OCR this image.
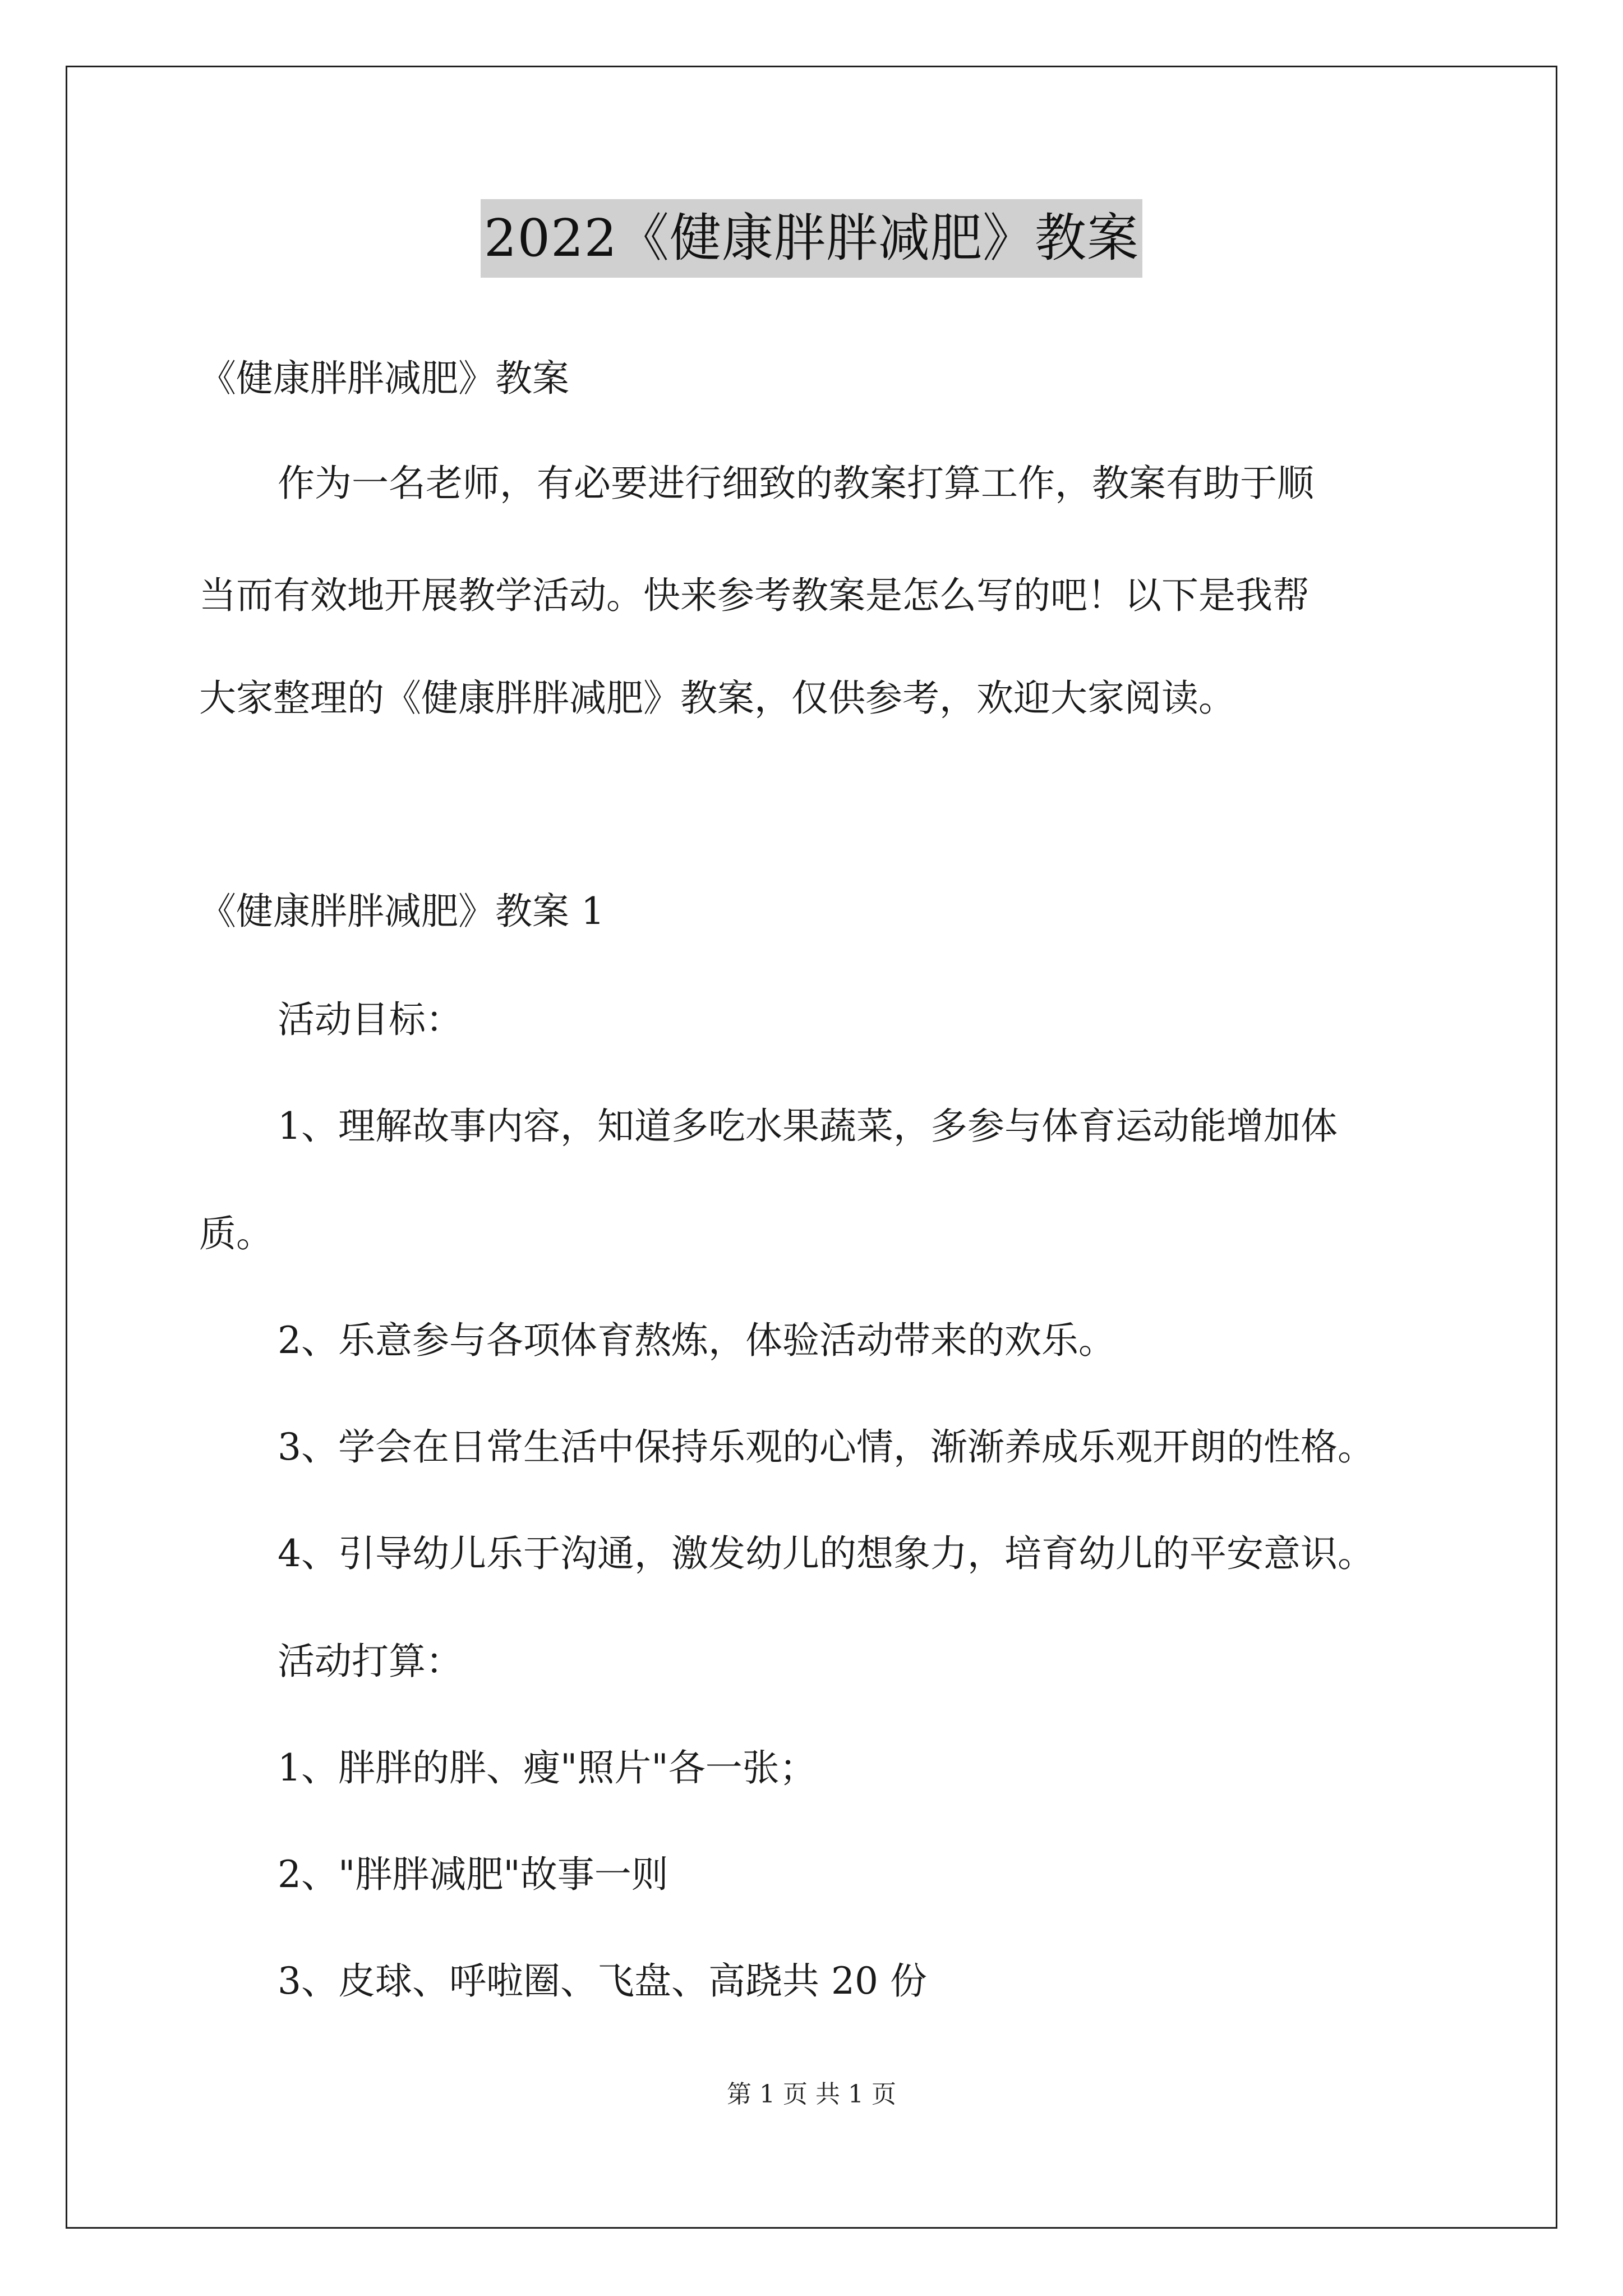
2022《健康胖胖减肥》教案
《健康胖胖减肥》教案
作为一名老师，有必要进行细致的教案打算工作，教案有助于顺
当而有效地开展教学活动。快来参考教案是怎么写的吧！以下是我帮
大家整理的《健康胖胖减肥》教案，仅供参考，欢迎大家阅读。
《健康胖胖减肥》教案 1
活动目标：
1、理解故事内容，知道多吃水果蔬菜，多参与体育运动能增加体
质。
2、乐意参与各项体育熬炼，体验活动带来的欢乐。
3、学会在日常生活中保持乐观的心情，渐渐养成乐观开朗的性格。
4、引导幼儿乐于沟通，激发幼儿的想象力，培育幼儿的平安意识。
活动打算：
1、胖胖的胖、瘦"照片"各一张；
2、"胖胖减肥"故事一则
3、皮球、呼啦圈、飞盘、高跷共 20 份
第 1 页 共 1 页
